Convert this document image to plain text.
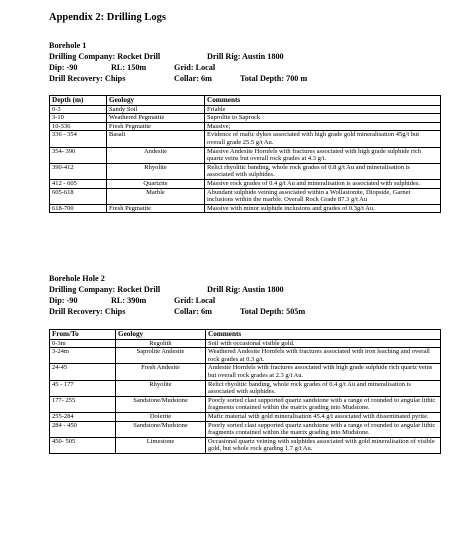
Appendix 2: Drilling Logs

Borehole 1

Drilling Company: Rocket Drill

	Drill Rig: Austin 1800

Dip: -90

	RL: 150m

	Grid: Local

Drill Recovery: Chips

	Collar: 6m

	Total Depth: 700 m

Depth (m)	Geology	Comments
0-3	Sandy Soil	Friable
3-10	Weathered Pegmatite	Saprolite to Saprock
10-336	Fresh Pegmatite	Massive;
336 - 354	Basalt	Evidence of mafic dykes associated with high grade gold mineralisation 45g/t but overall grade 25.5 g/t Au.
354- 390	Andesite	Massive Andesite Hornfels with fractures associated with high grade sulphide rich quartz veins but overall rock grades at 4.3 g/t.
390-412	Rhyolite	Relict rhyolitic banding, whole rock grades of 0.8 g/t Au and mineralisation is associated with sulphides.
412 - 605	Quartzite	Massive rock grades of 0.4 g/t Au and mineralisation is associated with sulphides.
605-618	Marble	Abundant sulphide veining associated within a Wollastonite, Diopside, Garnet inclusions within the marble. Overall Rock Grade 87.3 g/t Au
618-700	Fresh Pegmatite	Massive with minor sulphide inclusions and grades of 0.3g/t Au.

Borehole Hole 2

Drilling Company: Rocket Drill

	Drill Rig: Austin 1800

Dip: -90

	RL: 390m

	Grid: Local

Drill Recovery: Chips

	Collar: 6m

	Total Depth: 505m

From/To	Geology	Comments
0-3m	Regolith	Soil with occasional visible gold.
3-24m	Saprolite Andesite	Weathered Andesite Hornfels with fractures associated with iron leaching and overall rock grades at 0.3 g/t.
24-45	Fresh Andesite	Andesite Hornfels with fractures associated with high grade sulphide rich quartz veins but overall rock grades at 2.3 g/t Au.
45 - 177	Rhyolite	Relict rhyolitic banding, whole rock grades of 0.4 g/t Au and mineralisation is associated with sulphides.
177- 255	Sandstone/Mudstone	Poorly sorted clast supported quartz sandstone with a range of rounded to angular lithic fragments contained within the matrix grading into Mudstone.
255-284	Dolerite	Mafic material with gold mineralisation 45.4 g/t associated with disseminated pyrite.
284 - 450	Sandstone/Mudstone	Poorly sorted clast supported quartz sandstone with a range of rounded to angular lithic fragments contained within the matrix grading into Mudstone.
450- 505	Limestone	Occasional quartz veining with sulphides associated with gold mineralisation of visible gold, but whole rock grading 1.7 g/t Au.
